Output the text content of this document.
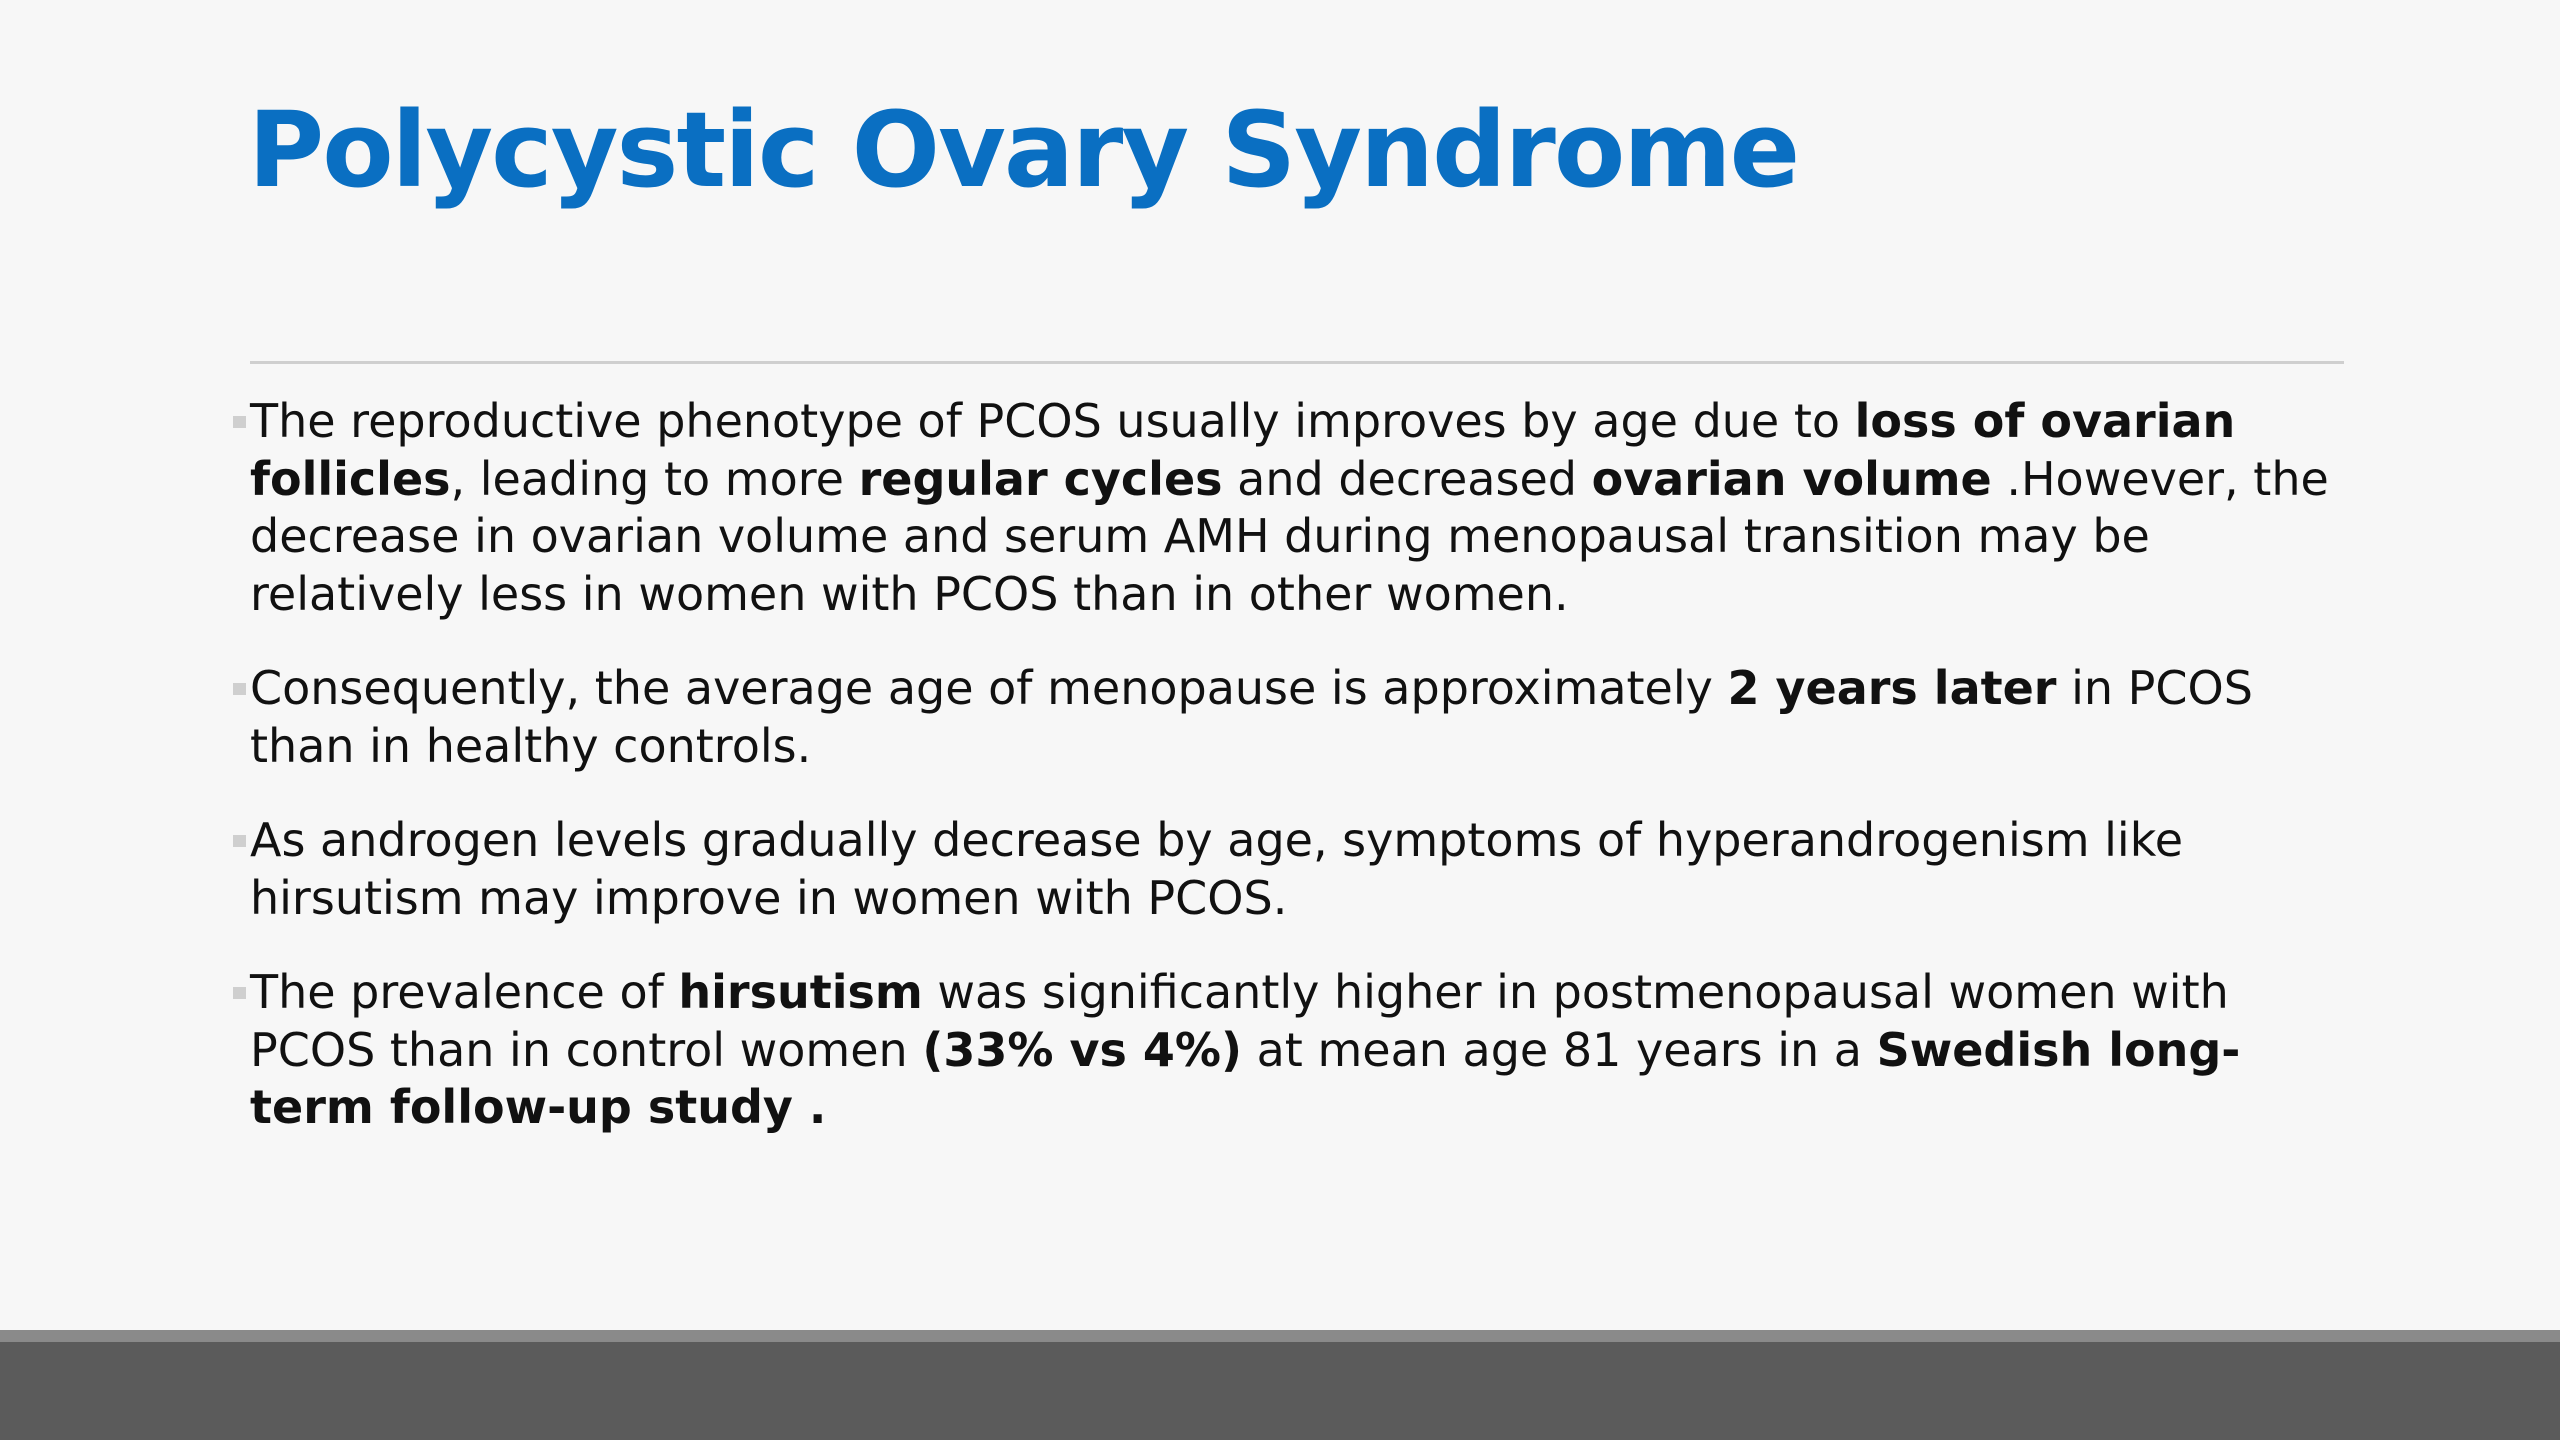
Polycystic Ovary Syndrome

The reproductive phenotype of PCOS usually improves by age due to loss of ovarian follicles, leading to more regular cycles and decreased ovarian volume .However, the decrease in ovarian volume and serum AMH during menopausal transition may be relatively less in women with PCOS than in other women.

Consequently, the average age of menopause is approximately 2 years later in PCOS than in healthy controls.

As androgen levels gradually decrease by age, symptoms of hyperandrogenism like hirsutism may improve in women with PCOS.

The prevalence of hirsutism was significantly higher in postmenopausal women with PCOS than in control women (33% vs 4%) at mean age 81 years in a Swedish long-term follow-up study .
